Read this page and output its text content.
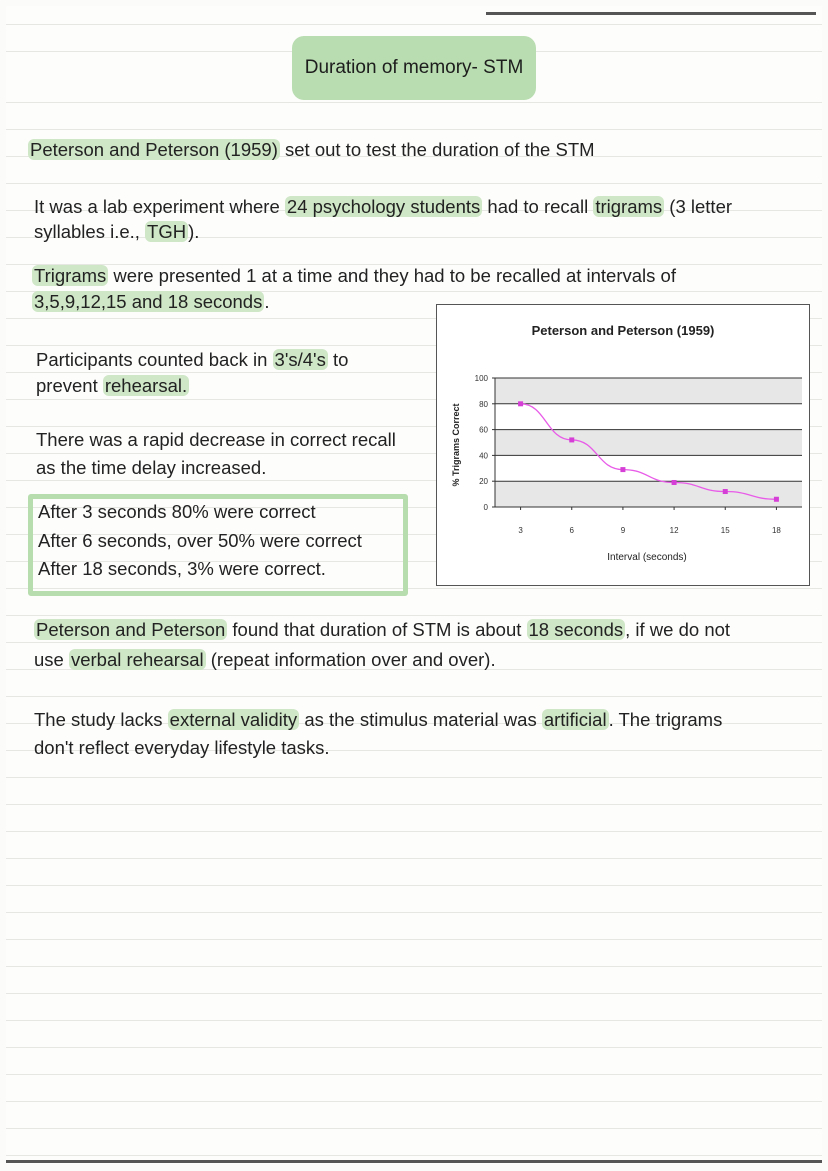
Duration of memory- STM
Peterson and Peterson (1959) set out to test the duration of the STM
It was a lab experiment where 24 psychology students had to recall trigrams (3 letter
syllables i.e., TGH ).
Trigrams were presented 1 at a time and they had to be recalled at intervals of
3,5,9,12,15 and 18 seconds .
Participants counted back in 3's/4's to
prevent rehearsal.
There was a rapid decrease in correct recall
as the time delay increased.
After 3 seconds 80% were correct
After 6 seconds, over 50% were correct
After 18 seconds, 3% were correct.
Peterson and Peterson (1959)
Interval (seconds)
% Trigrams Correct
0
20
40
60
80
100
3	6	9	12	15	18
Peterson and Peterson found that duration of STM is about 18 seconds , if we do not
use verbal rehearsal (repeat information over and over).
The study lacks external validity as the stimulus material was artificial . The trigrams
don't reflect everyday lifestyle tasks.
